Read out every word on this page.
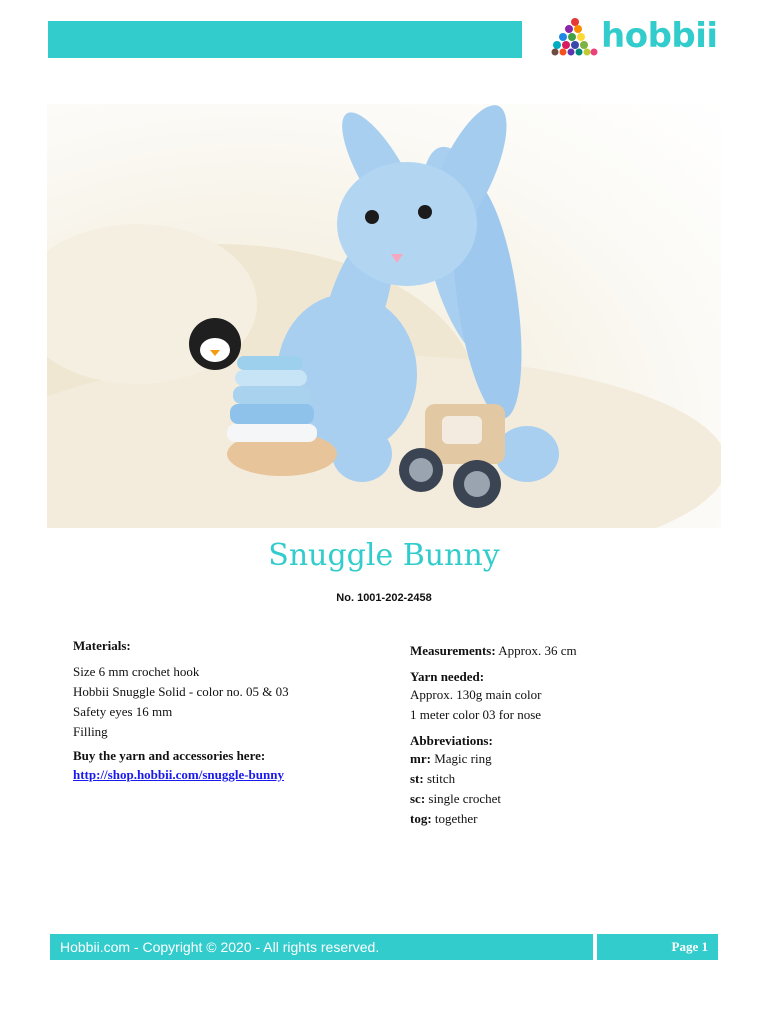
hobbii
Snuggle Bunny
No. 1001-202-2458

Materials:

Size 6 mm crochet hook

Hobbii Snuggle Solid - color no. 05 & 03

Safety eyes 16 mm

Filling

Buy the yarn and accessories here:

http://shop.hobbii.com/snuggle-bunny

Measurements: Approx. 36 cm

Yarn needed:

Approx. 130g main color

1 meter color 03 for nose

Abbreviations:

mr: Magic ring

st: stitch

sc: single crochet

tog: together

Hobbii.com - Copyright © 2020 - All rights reserved.	Page 1
